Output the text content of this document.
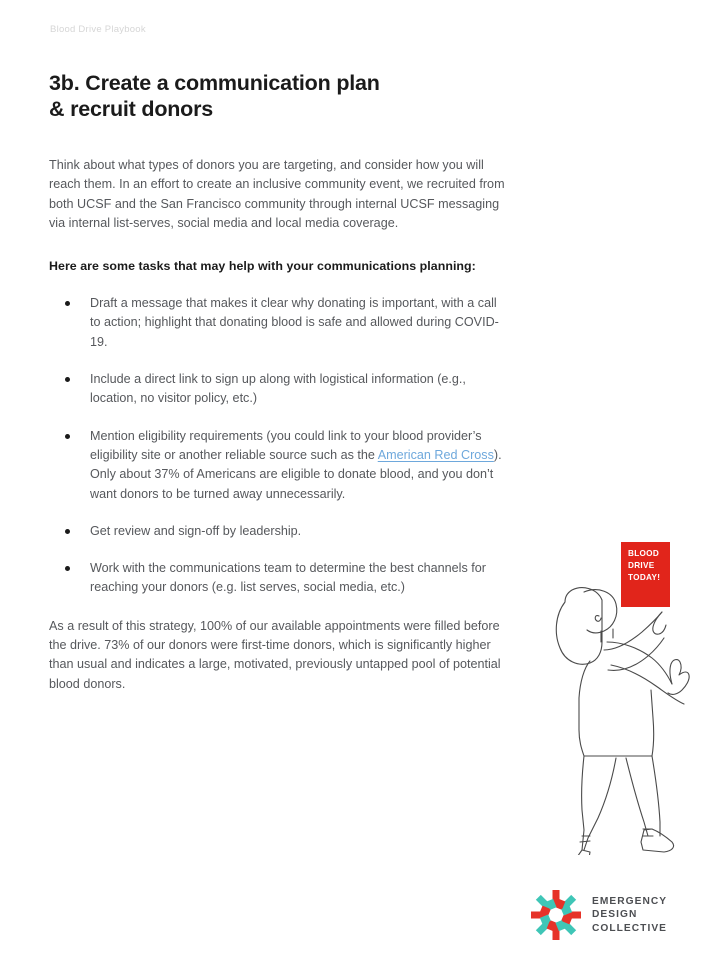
Blood Drive Playbook
3b. Create a communication plan
& recruit donors

Think about what types of donors you are targeting, and consider how you will reach them. In an effort to create an inclusive community event, we recruited from both UCSF and the San Francisco community through internal UCSF messaging via internal list-serves, social media and local media coverage.

Here are some tasks that may help with your communications planning:

Draft a message that makes it clear why donating is important, with a call to action; highlight that donating blood is safe and allowed during COVID-19.
Include a direct link to sign up along with logistical information (e.g., location, no visitor policy, etc.)
Mention eligibility requirements (you could link to your blood provider’s eligibility site or another reliable source such as the American Red Cross). Only about 37% of Americans are eligible to donate blood, and you don’t want donors to be turned away unnecessarily.
Get review and sign-off by leadership.
Work with the communications team to determine the best channels for reaching your donors (e.g. list serves, social media, etc.)

As a result of this strategy, 100% of our available appointments were filled before the drive. 73% of our donors were first-time donors, which is significantly higher than usual and indicates a large, motivated, previously untapped pool of potential blood donors.

BLOOD
DRIVE
TODAY!
EMERGENCY
DESIGN
COLLECTIVE
